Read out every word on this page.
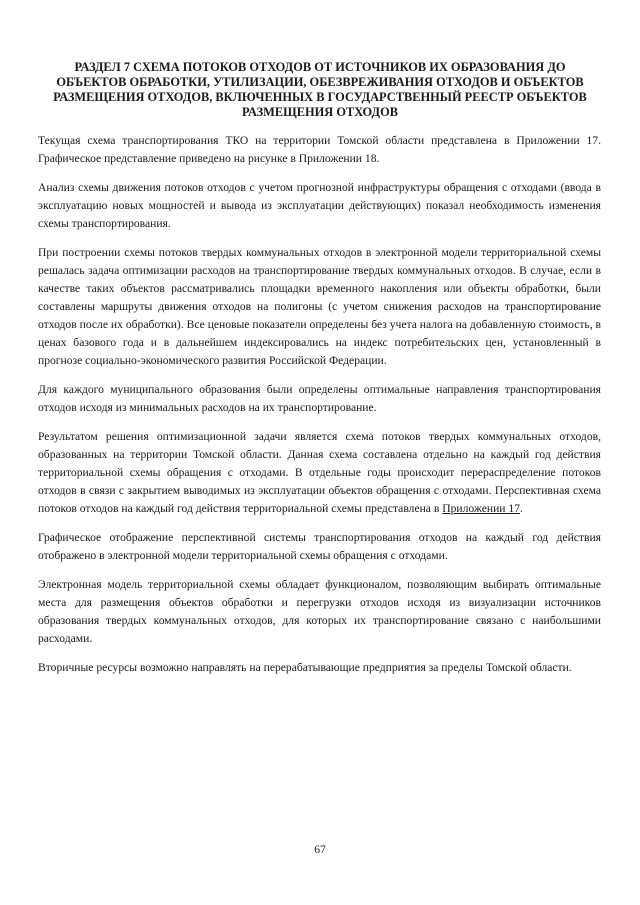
РАЗДЕЛ 7 СХЕМА ПОТОКОВ ОТХОДОВ ОТ ИСТОЧНИКОВ ИХ ОБРАЗОВАНИЯ ДО ОБЪЕКТОВ ОБРАБОТКИ, УТИЛИЗАЦИИ, ОБЕЗВРЕЖИВАНИЯ ОТХОДОВ И ОБЪЕКТОВ РАЗМЕЩЕНИЯ ОТХОДОВ, ВКЛЮЧЕННЫХ В ГОСУДАРСТВЕННЫЙ РЕЕСТР ОБЪЕКТОВ РАЗМЕЩЕНИЯ ОТХОДОВ

Текущая схема транспортирования ТКО на территории Томской области представлена в Приложении 17. Графическое представление приведено на рисунке в Приложении 18.

Анализ схемы движения потоков отходов с учетом прогнозной инфраструктуры обращения с отходами (ввода в эксплуатацию новых мощностей и вывода из эксплуатации действующих) показал необходимость изменения схемы транспортирования.

При построении схемы потоков твердых коммунальных отходов в электронной модели территориальной схемы решалась задача оптимизации расходов на транспортирование твердых коммунальных отходов. В случае, если в качестве таких объектов рассматривались площадки временного накопления или объекты обработки, были составлены маршруты движения отходов на полигоны (с учетом снижения расходов на транспортирование отходов после их обработки). Все ценовые показатели определены без учета налога на добавленную стоимость, в ценах базового года и в дальнейшем индексировались на индекс потребительских цен, установленный в прогнозе социально-экономического развития Российской Федерации.

Для каждого муниципального образования были определены оптимальные направления транспортирования отходов исходя из минимальных расходов на их транспортирование.

Результатом решения оптимизационной задачи является схема потоков твердых коммунальных отходов, образованных на территории Томской области. Данная схема составлена отдельно на каждый год действия территориальной схемы обращения с отходами. В отдельные годы происходит перераспределение потоков отходов в связи с закрытием выводимых из эксплуатации объектов обращения с отходами. Перспективная схема потоков отходов на каждый год действия территориальной схемы представлена в Приложении 17.

Графическое отображение перспективной системы транспортирования отходов на каждый год действия отображено в электронной модели территориальной схемы обращения с отходами.

Электронная модель территориальной схемы обладает функционалом, позволяющим выбирать оптимальные места для размещения объектов обработки и перегрузки отходов исходя из визуализации источников образования твердых коммунальных отходов, для которых их транспортирование связано с наибольшими расходами.

Вторичные ресурсы возможно направлять на перерабатывающие предприятия за пределы Томской области.

67
